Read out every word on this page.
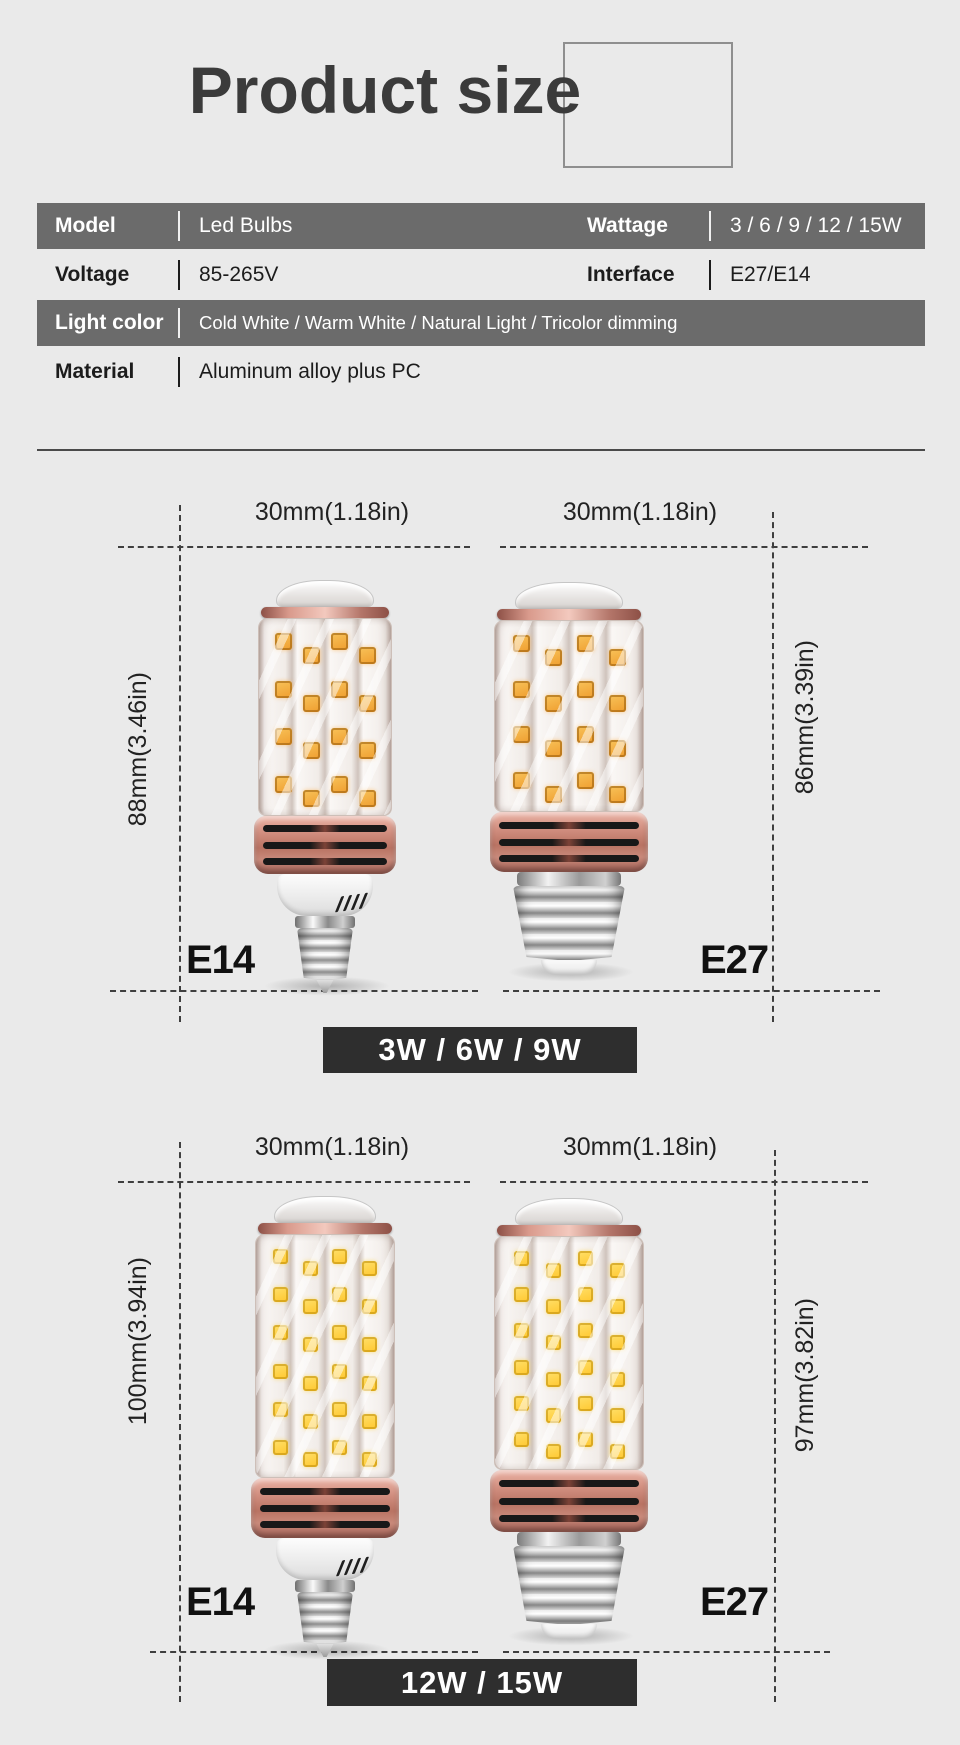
Product size
Model	Led Bulbs	Wattage	3 / 6 / 9 / 12 / 15W
Voltage	85-265V	Interface	E27/E14
Light color Cold White / Warm White / Natural Light / Tricolor dimming
Material	Aluminum alloy plus PC
30mm(1.18in)	30mm(1.18in)
88mm(3.46in)	86mm(3.39in)
E14	E27
3W / 6W / 9W
30mm(1.18in)	30mm(1.18in)
100mm(3.94in)	97mm(3.82in)
E14	E27
12W / 15W
